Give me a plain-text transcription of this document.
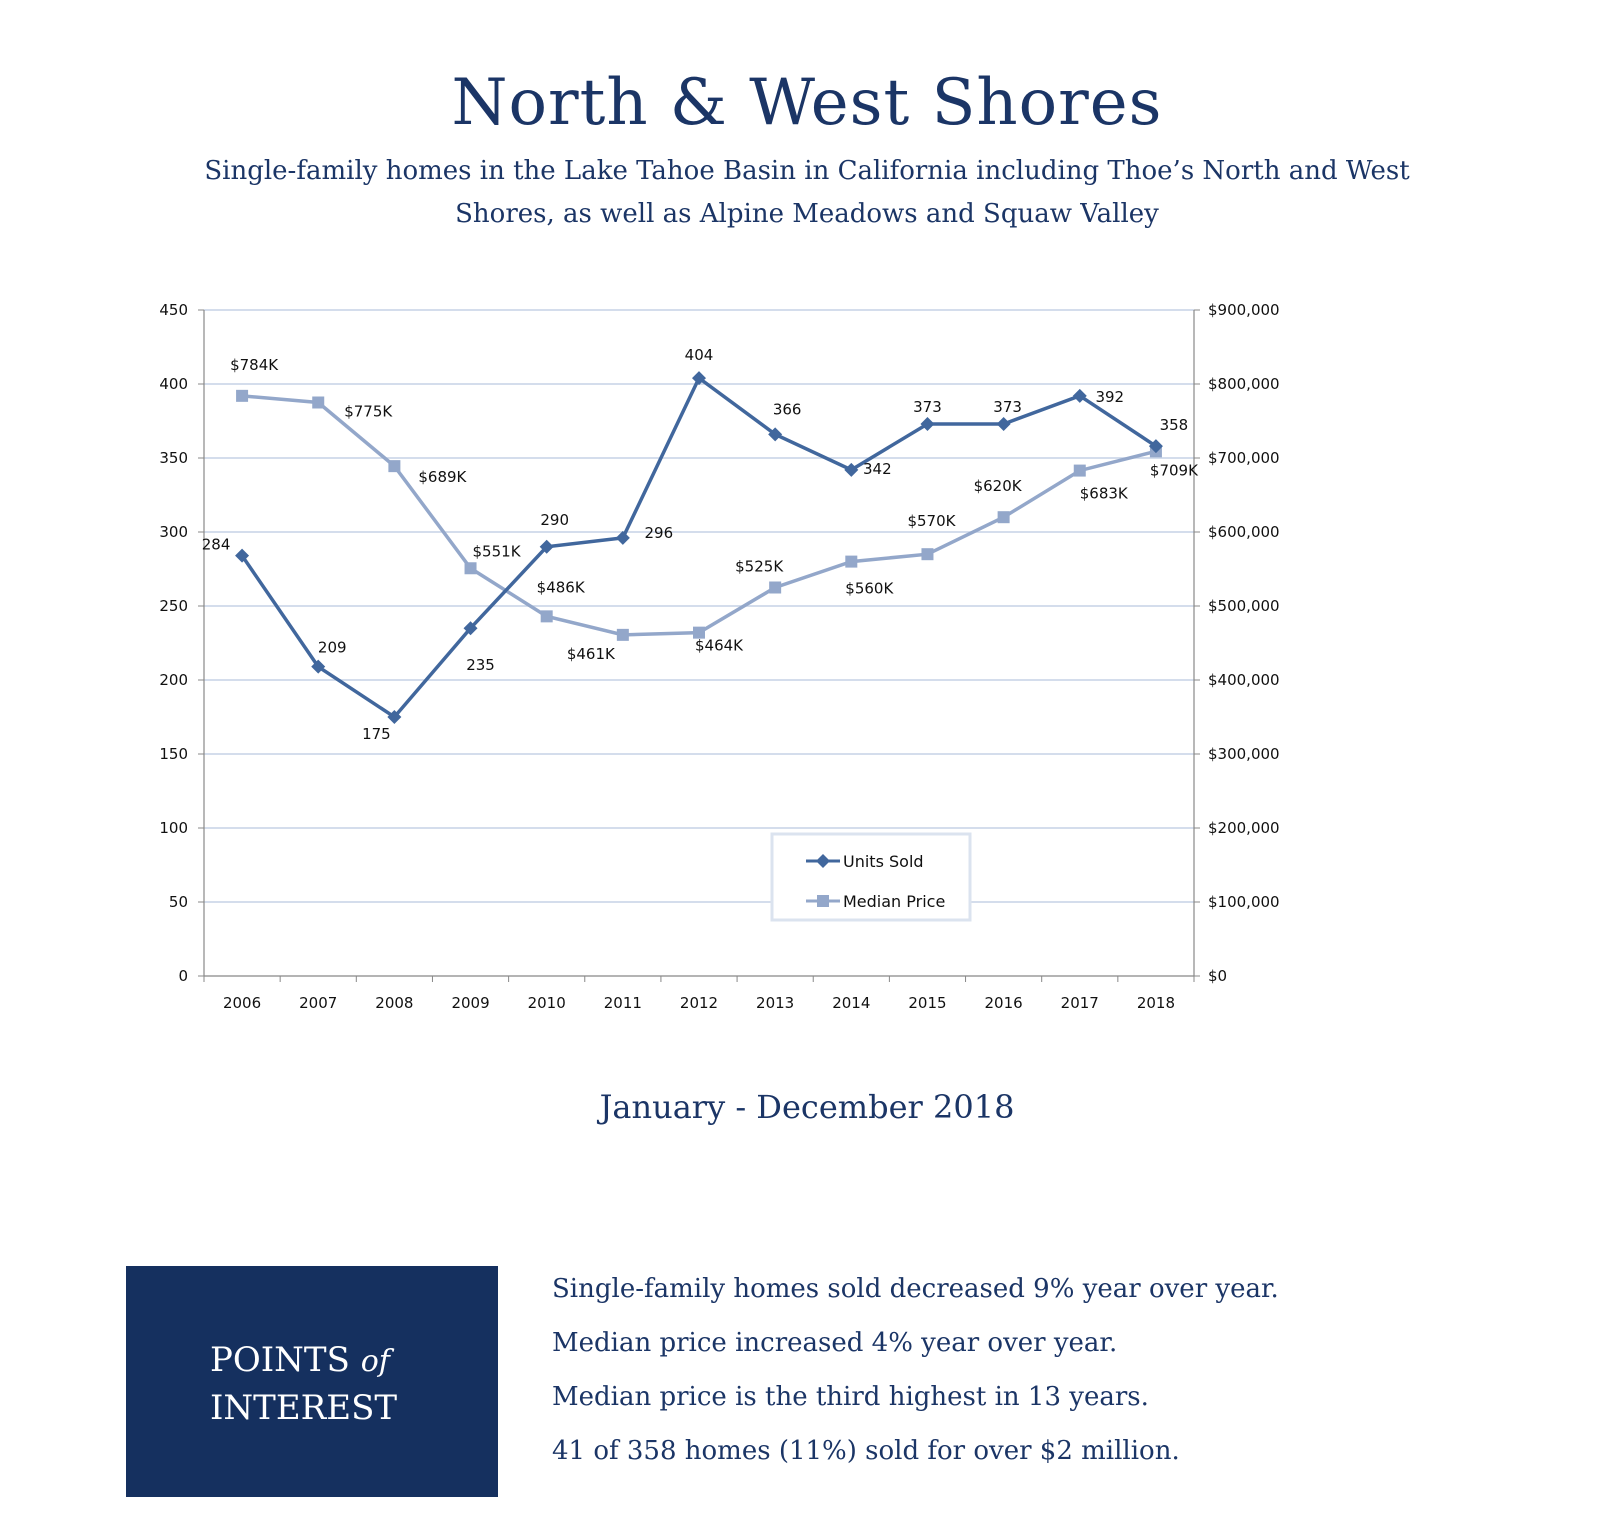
North & West Shores
Single-family homes in the Lake Tahoe Basin in California including Thoe’s North and West Shores, as well as Alpine Meadows and Squaw Valley
0
50
100
150
200
250
300
350
400
450
$0
$100,000
$200,000
$300,000
$400,000
$500,000
$600,000
$700,000
$800,000
$900,000
2006	2007	2008	2009	2010	2011	2012	2013	2014	2015	2016	2017	2018
284
209
175
235
290
296
404
366
342
373	373
392
358
$784K
$775K
$689K
$551K
$486K
$461K	$464K
$525K
$560K
$570K
$620K	$683K
$709K
Units Sold
Median Price
January - December 2018
POINTS of
INTEREST
Single-family homes sold decreased 9% year over year.
Median price increased 4% year over year.
Median price is the third highest in 13 years.
41 of 358 homes (11%) sold for over $2 million.
